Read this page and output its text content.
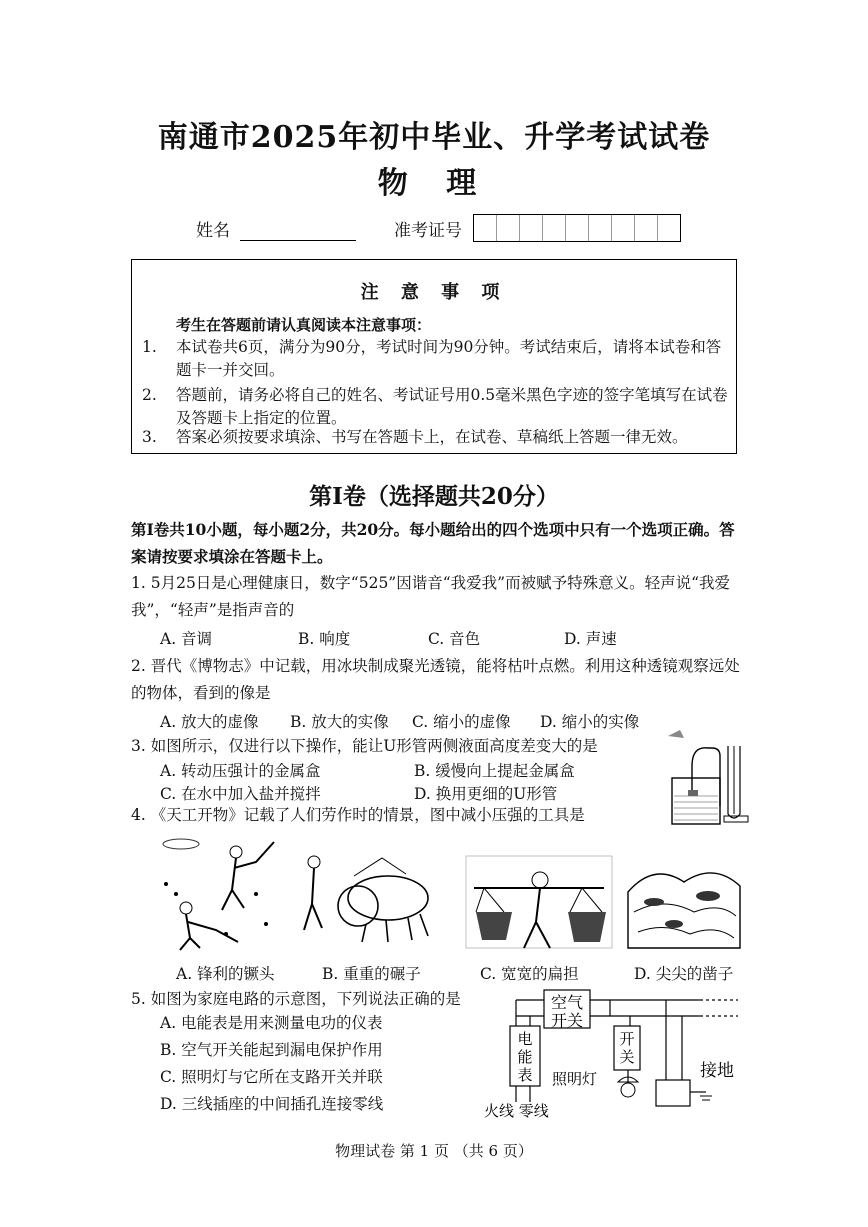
南通市2025年初中毕业、升学考试试卷
物 理
姓名	准考证号
注 意 事 项
考生在答题前请认真阅读本注意事项：
1. 本试卷共6页，满分为90分，考试时间为90分钟。考试结束后，请将本试卷和答题卡一并交回。
2. 答题前，请务必将自己的姓名、考试证号用0.5毫米黑色字迹的签字笔填写在试卷及答题卡上指定的位置。
3. 答案必须按要求填涂、书写在答题卡上，在试卷、草稿纸上答题一律无效。
第Ⅰ卷（选择题共20分）
第Ⅰ卷共10小题，每小题2分，共20分。每小题给出的四个选项中只有一个选项正确。答案请按要求填涂在答题卡上。
1. 5月25日是心理健康日，数字“525”因谐音“我爱我”而被赋予特殊意义。轻声说“我爱我”，“轻声”是指声音的
A. 音调	B. 响度	C. 音色	D. 声速
2. 晋代《博物志》中记载，用冰块制成聚光透镜，能将枯叶点燃。利用这种透镜观察远处的物体，看到的像是
A. 放大的虚像 B. 放大的实像 C. 缩小的虚像 D. 缩小的实像
3. 如图所示，仅进行以下操作，能让U形管两侧液面高度差变大的是
A. 转动压强计的金属盒	B. 缓慢向上提起金属盒
C. 在水中加入盐并搅拌	D. 换用更细的U形管
4. 《天工开物》记载了人们劳作时的情景，图中减小压强的工具是
A. 锋利的镢头	B. 重重的碾子	C. 宽宽的扁担	D. 尖尖的凿子
5. 如图为家庭电路的示意图，下列说法正确的是
A. 电能表是用来测量电功的仪表
B. 空气开关能起到漏电保护作用
C. 照明灯与它所在支路开关并联
D. 三线插座的中间插孔连接零线
空气开关
电能表
开关
照明灯	接地
火线 零线
物理试卷 第 1 页 （共 6 页）
